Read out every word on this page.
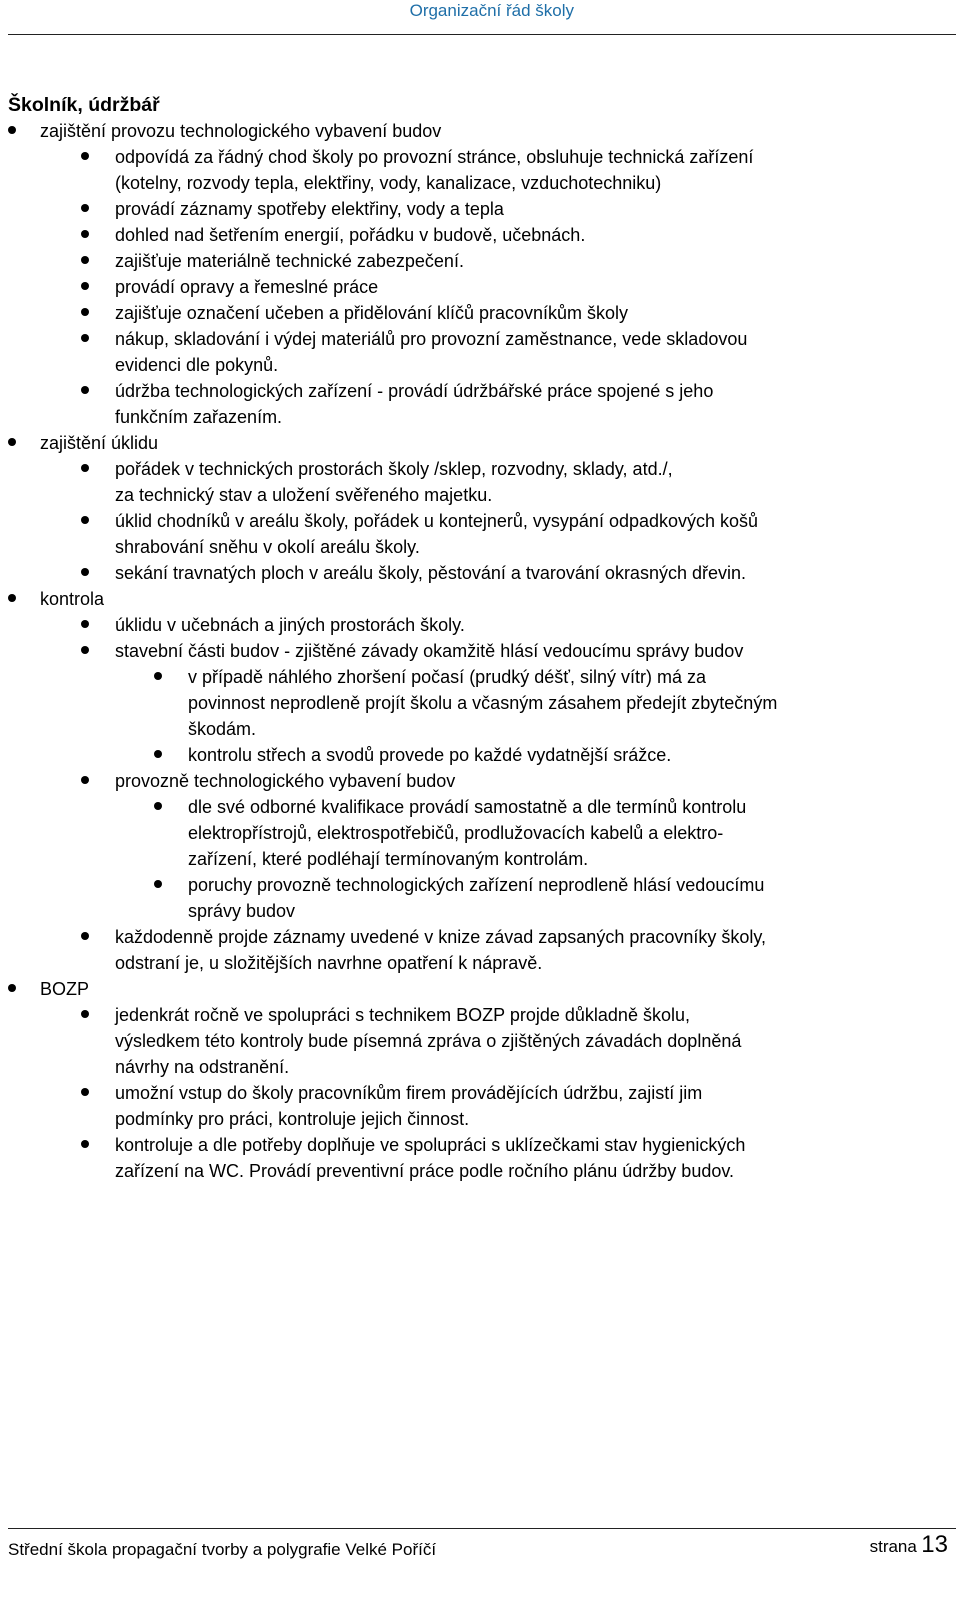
Organizační řád školy
Školník, údržbář
zajištění provozu technologického vybavení budov
odpovídá za řádný chod školy po provozní stránce, obsluhuje technická zařízení
(kotelny, rozvody tepla, elektřiny, vody, kanalizace, vzduchotechniku)
provádí záznamy spotřeby elektřiny, vody a tepla
dohled nad šetřením energií, pořádku v budově, učebnách.
zajišťuje materiálně technické zabezpečení.
provádí opravy a řemeslné práce
zajišťuje označení učeben a přidělování klíčů pracovníkům školy
nákup, skladování i výdej materiálů pro provozní zaměstnance, vede skladovou
evidenci dle pokynů.
údržba technologických zařízení - provádí údržbářské práce spojené s jeho
funkčním zařazením.
zajištění úklidu
pořádek v technických prostorách školy /sklep, rozvodny, sklady, atd./,
za technický stav a uložení svěřeného majetku.
úklid chodníků v areálu školy, pořádek u kontejnerů, vysypání odpadkových košů
shrabování sněhu v okolí areálu školy.
sekání travnatých ploch v areálu školy, pěstování a tvarování okrasných dřevin.
kontrola
úklidu v učebnách a jiných prostorách školy.
stavební části budov - zjištěné závady okamžitě hlásí vedoucímu správy budov
v případě náhlého zhoršení počasí (prudký déšť, silný vítr) má za
povinnost neprodleně projít školu a včasným zásahem předejít zbytečným
škodám.
kontrolu střech a svodů provede po každé vydatnější srážce.
provozně technologického vybavení budov
dle své odborné kvalifikace provádí samostatně a dle termínů kontrolu
elektropřístrojů, elektrospotřebičů, prodlužovacích kabelů a elektro-
zařízení, které podléhají termínovaným kontrolám.
poruchy provozně technologických zařízení neprodleně hlásí vedoucímu
správy budov
každodenně projde záznamy uvedené v knize závad zapsaných pracovníky školy,
odstraní je, u složitějších navrhne opatření k nápravě.
BOZP
jedenkrát ročně ve spolupráci s technikem BOZP projde důkladně školu,
výsledkem této kontroly bude písemná zpráva o zjištěných závadách doplněná
návrhy na odstranění.
umožní vstup do školy pracovníkům firem provádějících údržbu, zajistí jim
podmínky pro práci, kontroluje jejich činnost.
kontroluje a dle potřeby doplňuje ve spolupráci s uklízečkami stav hygienických
zařízení na WC. Provádí preventivní práce podle ročního plánu údržby budov.
Střední škola propagační tvorby a polygrafie Velké Poříčí	strana 13
